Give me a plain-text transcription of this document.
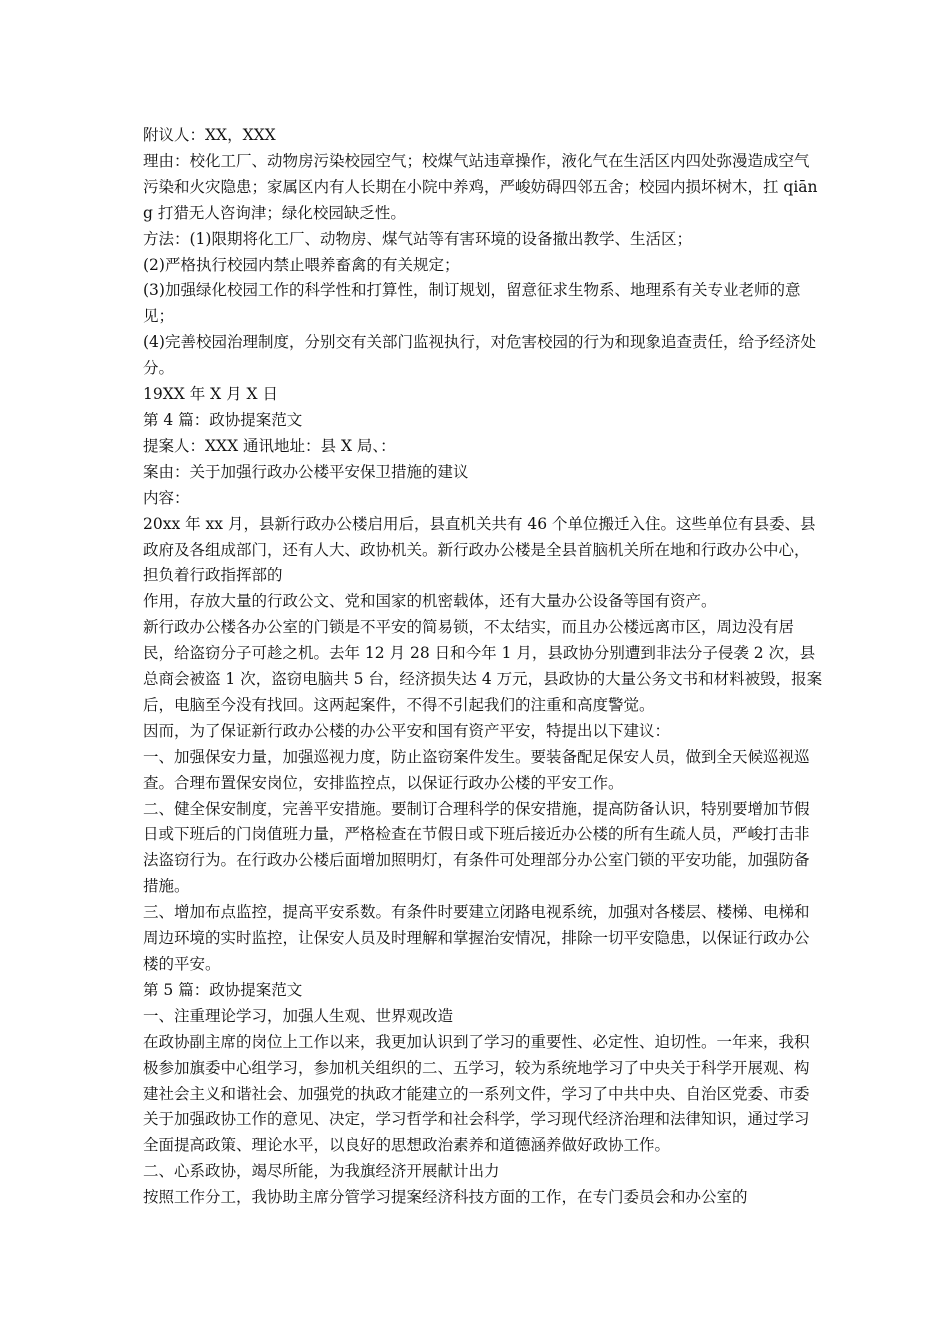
附议人：XX，XXX

理由：校化工厂、动物房污染校园空气；校煤气站违章操作，液化气在生活区内四处弥漫造成空气污染和火灾隐患；家属区内有人长期在小院中养鸡，严峻妨碍四邻五舍；校园内损坏树木，扛 qiāng 打猎无人咨询津；绿化校园缺乏性。

方法：(1)限期将化工厂、动物房、煤气站等有害环境的设备撤出教学、生活区；

(2)严格执行校园内禁止喂养畜禽的有关规定；

(3)加强绿化校园工作的科学性和打算性，制订规划，留意征求生物系、地理系有关专业老师的意见；

(4)完善校园治理制度，分别交有关部门监视执行，对危害校园的行为和现象追查责任，给予经济处分。

19XX 年 X 月 X 日

第 4 篇：政协提案范文

提案人：XXX 通讯地址：县 X 局、：

案由：关于加强行政办公楼平安保卫措施的建议

内容：

20xx 年 xx 月，县新行政办公楼启用后，县直机关共有 46 个单位搬迁入住。这些单位有县委、县政府及各组成部门，还有人大、政协机关。新行政办公楼是全县首脑机关所在地和行政办公中心，担负着行政指挥部的

作用，存放大量的行政公文、党和国家的机密载体，还有大量办公设备等国有资产。

新行政办公楼各办公室的门锁是不平安的简易锁，不太结实，而且办公楼远离市区，周边没有居民，给盗窃分子可趁之机。去年 12 月 28 日和今年 1 月，县政协分别遭到非法分子侵袭 2 次，县总商会被盗 1 次，盗窃电脑共 5 台，经济损失达 4 万元，县政协的大量公务文书和材料被毁，报案后，电脑至今没有找回。这两起案件，不得不引起我们的注重和高度警觉。

因而，为了保证新行政办公楼的办公平安和国有资产平安，特提出以下建议：

一、加强保安力量，加强巡视力度，防止盗窃案件发生。要装备配足保安人员，做到全天候巡视巡查。合理布置保安岗位，安排监控点，以保证行政办公楼的平安工作。

二、健全保安制度，完善平安措施。要制订合理科学的保安措施，提高防备认识，特别要增加节假日或下班后的门岗值班力量，严格检查在节假日或下班后接近办公楼的所有生疏人员，严峻打击非法盗窃行为。在行政办公楼后面增加照明灯，有条件可处理部分办公室门锁的平安功能，加强防备措施。

三、增加布点监控，提高平安系数。有条件时要建立闭路电视系统，加强对各楼层、楼梯、电梯和周边环境的实时监控，让保安人员及时理解和掌握治安情况，排除一切平安隐患，以保证行政办公楼的平安。

第 5 篇：政协提案范文

一、注重理论学习，加强人生观、世界观改造

在政协副主席的岗位上工作以来，我更加认识到了学习的重要性、必定性、迫切性。一年来，我积极参加旗委中心组学习，参加机关组织的二、五学习，较为系统地学习了中央关于科学开展观、构建社会主义和谐社会、加强党的执政才能建立的一系列文件，学习了中共中央、自治区党委、市委关于加强政协工作的意见、决定，学习哲学和社会科学，学习现代经济治理和法律知识，通过学习全面提高政策、理论水平，以良好的思想政治素养和道德涵养做好政协工作。

二、心系政协，竭尽所能，为我旗经济开展献计出力

按照工作分工，我协助主席分管学习提案经济科技方面的工作，在专门委员会和办公室的
